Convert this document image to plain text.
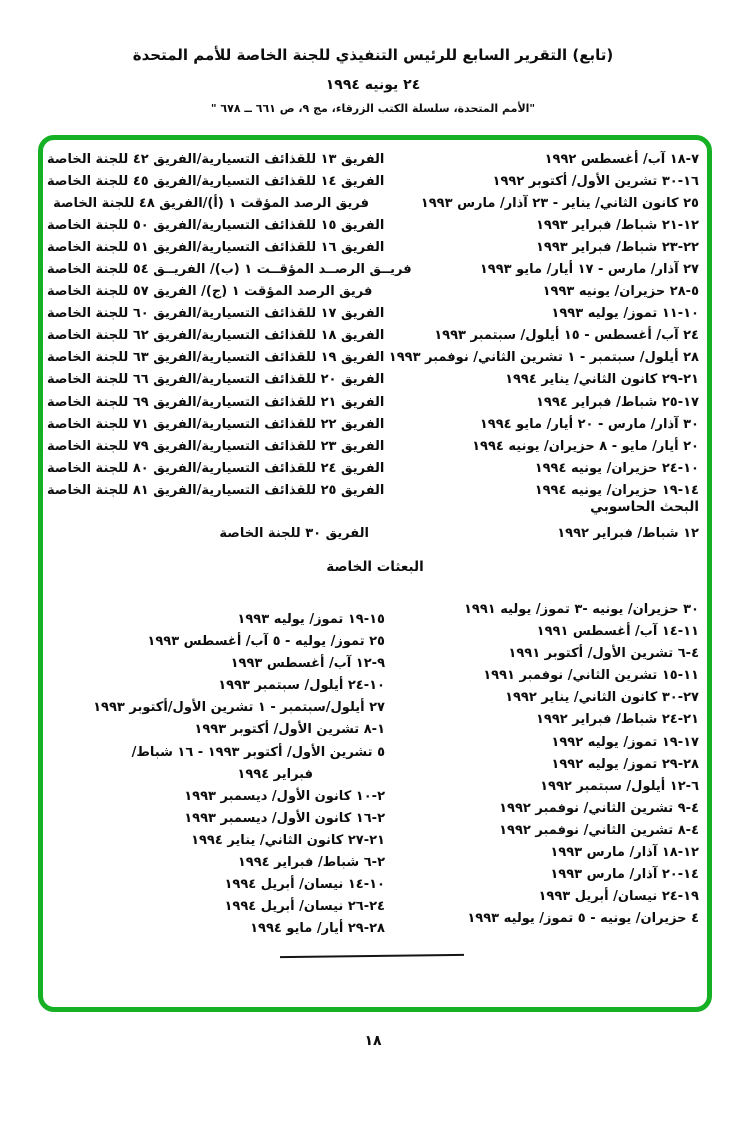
(تابع) التقرير السابع للرئيس التنفيذي للجنة الخاصة للأمم المتحدة
٢٤ يونيه ١٩٩٤
"الأمم المتحدة، سلسلة الكتب الزرقاء، مج ٩، ص ٦٦١ ــ ٦٧٨ "
٧-١٨ آب/ أغسطس ١٩٩٢
الفريق ١٣ للقذائف التسيارية/الفريق ٤٢ للجنة الخاصة
١٦-٣٠ تشرين الأول/ أكتوبر ١٩٩٢
الفريق ١٤ للقذائف التسيارية/الفريق ٤٥ للجنة الخاصة
٢٥ كانون الثاني/ يناير - ٢٣ آذار/ مارس ١٩٩٣
فريق الرصد المؤقت ١ (أ)/الفريق ٤٨ للجنة الخاصة
١٢-٢١ شباط/ فبراير ١٩٩٣
الفريق ١٥ للقذائف التسيارية/الفريق ٥٠ للجنة الخاصة
٢٢-٢٣ شباط/ فبراير ١٩٩٣
الفريق ١٦ للقذائف التسيارية/الفريق ٥١ للجنة الخاصة
٢٧ آذار/ مارس - ١٧ أيار/ مايو ١٩٩٣
فريــق الرصــد المؤقــت ١ (ب)/ الفريــق ٥٤ للجنة الخاصة
٥-٢٨ حزيران/ يونيه ١٩٩٣
فريق الرصد المؤقت ١ (ج)/ الفريق ٥٧ للجنة الخاصة
١٠-١١ تموز/ يوليه ١٩٩٣
الفريق ١٧ للقذائف التسيارية/الفريق ٦٠ للجنة الخاصة
٢٤ آب/ أغسطس - ١٥ أيلول/ سبتمبر ١٩٩٣
الفريق ١٨ للقذائف التسيارية/الفريق ٦٢ للجنة الخاصة
٢٨ أيلول/ سبتمبر - ١ تشرين الثاني/ نوفمبر ١٩٩٣
الفريق ١٩ للقذائف التسيارية/الفريق ٦٣ للجنة الخاصة
٢١-٢٩ كانون الثاني/ يناير ١٩٩٤
الفريق ٢٠ للقذائف التسيارية/الفريق ٦٦ للجنة الخاصة
١٧-٢٥ شباط/ فبراير ١٩٩٤
الفريق ٢١ للقذائف التسيارية/الفريق ٦٩ للجنة الخاصة
٣٠ آذار/ مارس - ٢٠ أيار/ مايو ١٩٩٤
الفريق ٢٢ للقذائف التسيارية/الفريق ٧١ للجنة الخاصة
٢٠ أيار/ مايو - ٨ حزيران/ يونيه ١٩٩٤
الفريق ٢٣ للقذائف التسيارية/الفريق ٧٩ للجنة الخاصة
١٠-٢٤ حزيران/ يونيه ١٩٩٤
الفريق ٢٤ للقذائف التسيارية/الفريق ٨٠ للجنة الخاصة
١٤-١٩ حزيران/ يونيه ١٩٩٤
الفريق ٢٥ للقذائف التسيارية/الفريق ٨١ للجنة الخاصة
البحث الحاسوبي
١٢ شباط/ فبراير ١٩٩٢
الفريق ٣٠ للجنة الخاصة
البعثات الخاصة
٣٠ حزيران/ يونيه -٣ تموز/ يوليه ١٩٩١
١١-١٤ آب/ أغسطس ١٩٩١
٤-٦ تشرين الأول/ أكتوبر ١٩٩١
١١-١٥ تشرين الثاني/ نوفمبر ١٩٩١
٢٧-٣٠ كانون الثاني/ يناير ١٩٩٢
٢١-٢٤ شباط/ فبراير ١٩٩٢
١٧-١٩ تموز/ يوليه ١٩٩٢
٢٨-٢٩ تموز/ يوليه ١٩٩٢
٦-١٢ أيلول/ سبتمبر ١٩٩٢
٤-٩ تشرين الثاني/ نوفمبر ١٩٩٢
٤-٨ تشرين الثاني/ نوفمبر ١٩٩٢
١٢-١٨ آذار/ مارس ١٩٩٣
١٤-٢٠ آذار/ مارس ١٩٩٣
١٩-٢٤ نيسان/ أبريل ١٩٩٣
٤ حزيران/ يونيه - ٥ تموز/ يوليه ١٩٩٣
١٥-١٩ تموز/ يوليه ١٩٩٣
٢٥ تموز/ يوليه - ٥ آب/ أغسطس ١٩٩٣
٩-١٢ آب/ أغسطس ١٩٩٣
١٠-٢٤ أيلول/ سبتمبر ١٩٩٣
٢٧ أيلول/سبتمبر - ١ تشرين الأول/أكتوبر ١٩٩٣
١-٨ تشرين الأول/ أكتوبر ١٩٩٣
٥ تشرين الأول/ أكتوبر ١٩٩٣ - ١٦ شباط/
فبراير ١٩٩٤
٢-١٠ كانون الأول/ ديسمبر ١٩٩٣
٢-١٦ كانون الأول/ ديسمبر ١٩٩٣
٢١-٢٧ كانون الثاني/ يناير ١٩٩٤
٢-٦ شباط/ فبراير ١٩٩٤
١٠-١٤ نيسان/ أبريل ١٩٩٤
٢٤-٢٦ نيسان/ أبريل ١٩٩٤
٢٨-٢٩ أيار/ مايو ١٩٩٤
١٨
